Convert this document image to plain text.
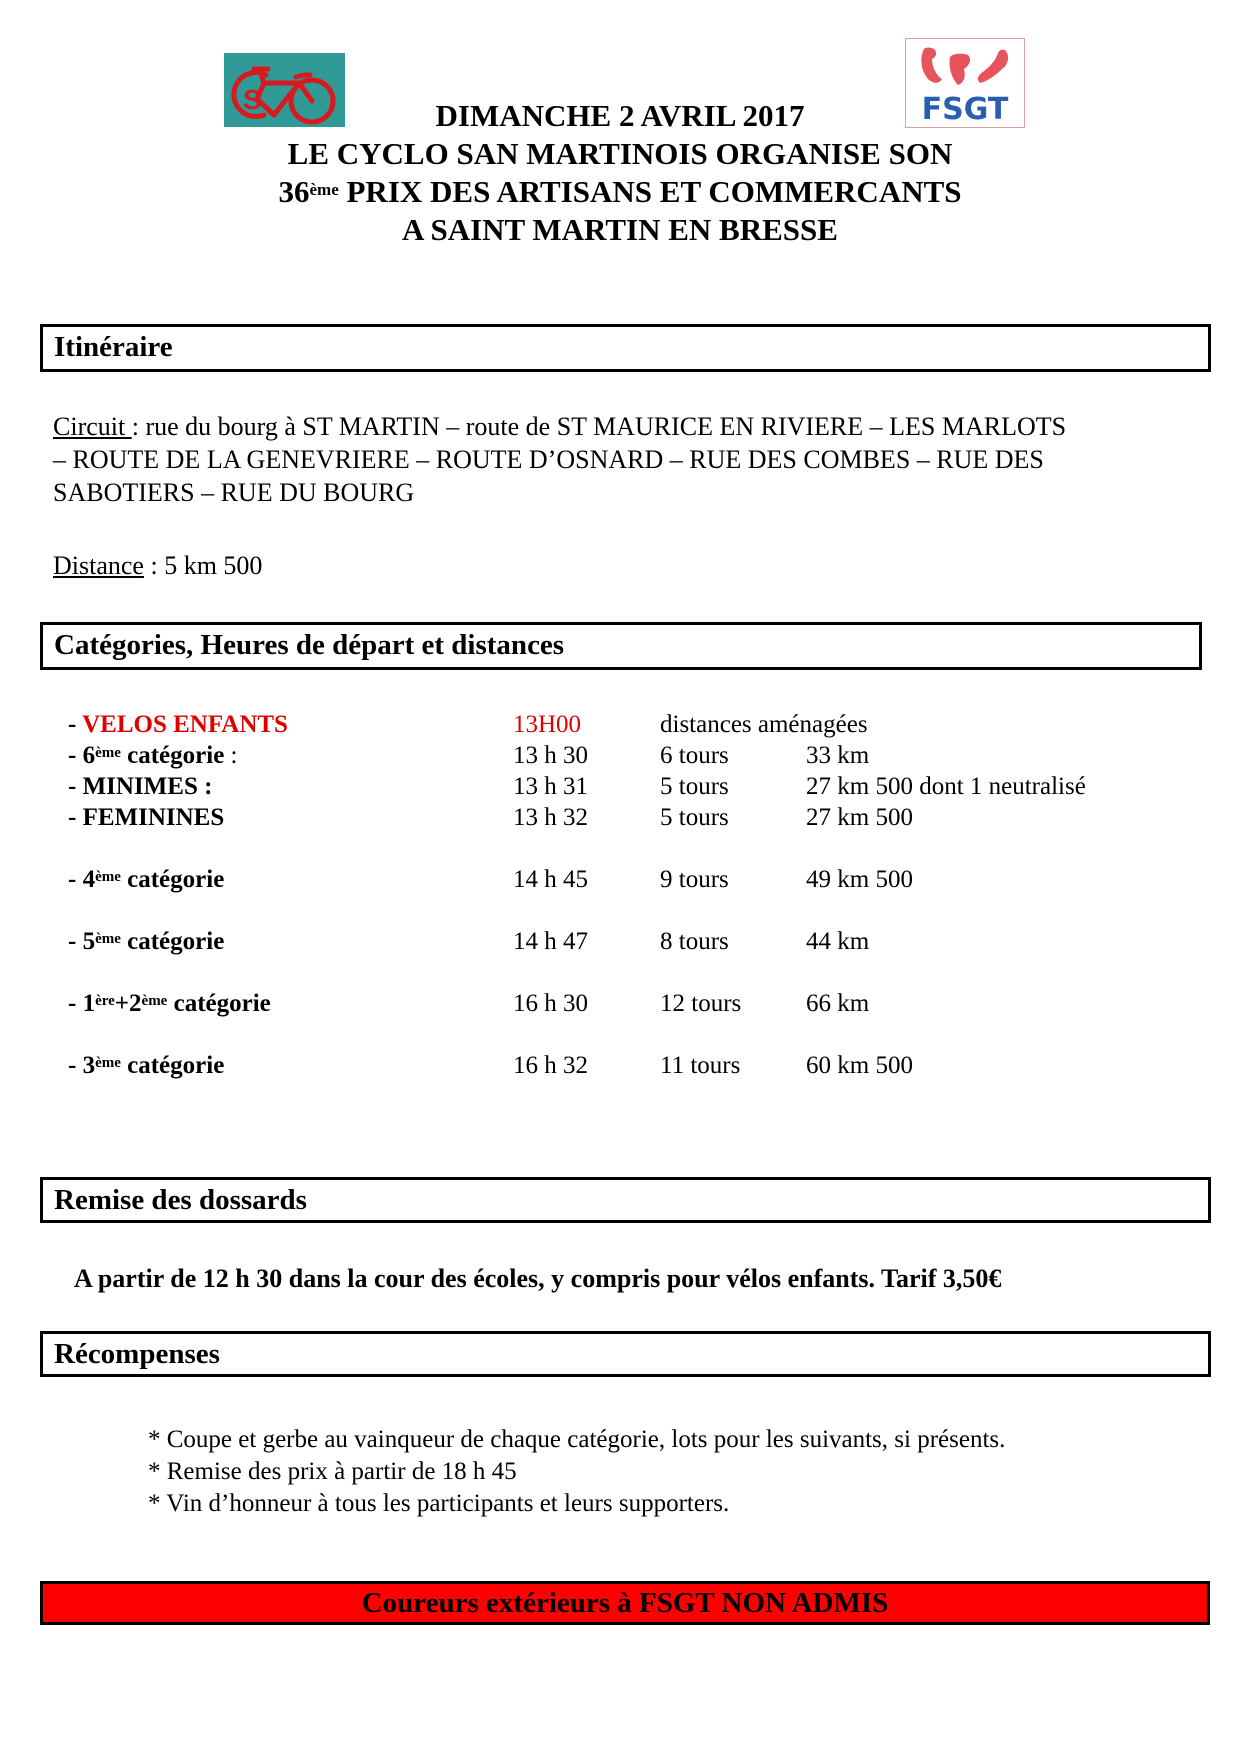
S	FSGT
DIMANCHE 2 AVRIL 2017
LE CYCLO SAN MARTINOIS ORGANISE SON
36ème PRIX DES ARTISANS ET COMMERCANTS
A SAINT MARTIN EN BRESSE
Itinéraire
Circuit : rue du bourg à ST MARTIN – route de ST MAURICE EN RIVIERE – LES MARLOTS
– ROUTE DE LA GENEVRIERE – ROUTE D’OSNARD – RUE DES COMBES – RUE DES
SABOTIERS – RUE DU BOURG
Distance : 5 km 500
Catégories, Heures de départ et distances
- VELOS ENFANTS	13H00	distances aménagées
- 6ème catégorie :	13 h 30	6 tours	33 km
- MINIMES :	13 h 31	5 tours	27 km 500 dont 1 neutralisé
- FEMININES	13 h 32	5 tours	27 km 500
- 4ème catégorie	14 h 45	9 tours	49 km 500
- 5ème catégorie	14 h 47	8 tours	44 km
- 1ère+2ème catégorie	16 h 30	12 tours	66 km
- 3ème catégorie	16 h 32	11 tours	60 km 500
Remise des dossards
A partir de 12 h 30 dans la cour des écoles, y compris pour vélos enfants. Tarif 3,50€
Récompenses
* Coupe et gerbe au vainqueur de chaque catégorie, lots pour les suivants, si présents.
* Remise des prix à partir de 18 h 45
* Vin d’honneur à tous les participants et leurs supporters.
Coureurs extérieurs à FSGT NON ADMIS
